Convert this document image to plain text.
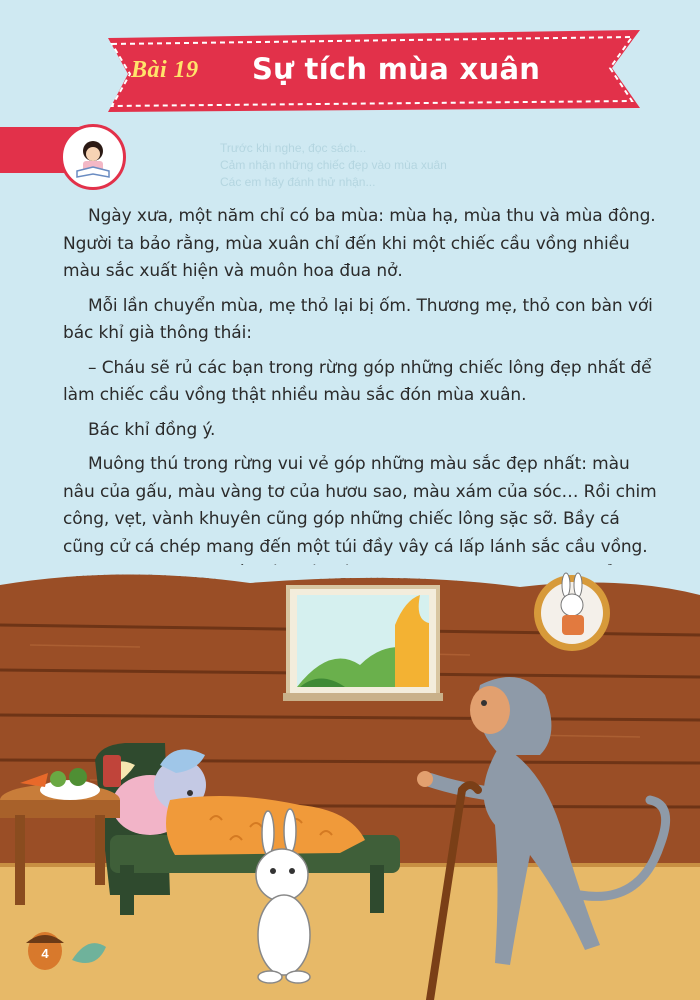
Bài 19	Sự tích mùa xuân
Trước khi nghe, đọc sách...
Cảm nhận những chiếc đẹp vào mùa xuân
Các em hãy đánh thử nhận...

Ngày xưa, một năm chỉ có ba mùa: mùa hạ, mùa thu và mùa đông. Người ta bảo rằng, mùa xuân chỉ đến khi một chiếc cầu vồng nhiều màu sắc xuất hiện và muôn hoa đua nở.

Mỗi lần chuyển mùa, mẹ thỏ lại bị ốm. Thương mẹ, thỏ con bàn với bác khỉ già thông thái:

– Cháu sẽ rủ các bạn trong rừng góp những chiếc lông đẹp nhất để làm chiếc cầu vồng thật nhiều màu sắc đón mùa xuân.

Bác khỉ đồng ý.

Muông thú trong rừng vui vẻ góp những màu sắc đẹp nhất: màu nâu của gấu, màu vàng tơ của hươu sao, màu xám của sóc… Rồi chim công, vẹt, vành khuyên cũng góp những chiếc lông sặc sỡ. Bầy cá cũng cử cá chép mang đến một túi đầy vây cá lấp lánh sắc cầu vồng.

4
